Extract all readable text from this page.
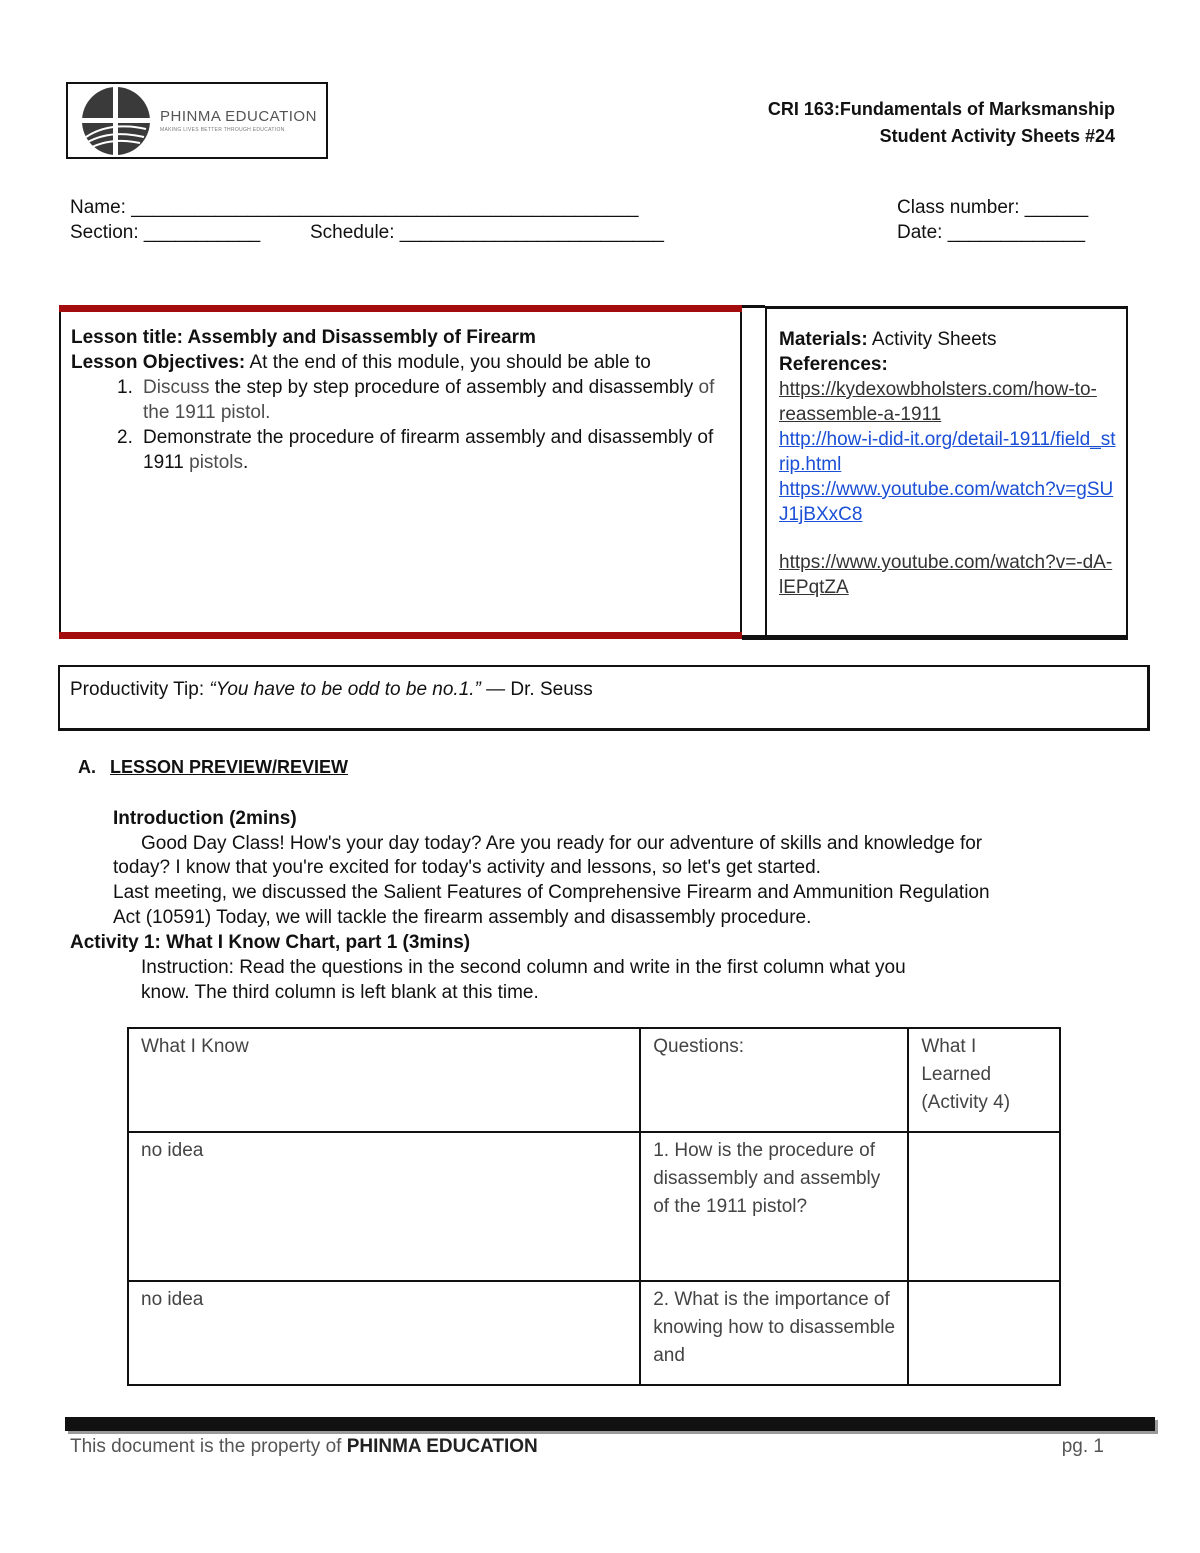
PHINMA EDUCATION
MAKING LIVES BETTER THROUGH EDUCATION
CRI 163:Fundamentals of Marksmanship
Student Activity Sheets #24
Name: ________________________________________________	Class number: ______
Section: ___________	Schedule: _________________________	Date: _____________
Lesson title: Assembly and Disassembly of Firearm
Lesson Objectives: At the end of this module, you should be able to
1. Discuss the step by step procedure of assembly and disassembly of the 1911 pistol.
2. Demonstrate the procedure of firearm assembly and disassembly of 1911 pistols.
Materials: Activity Sheets
References:
https://kydexowbholsters.com/how-to-reassemble-a-1911
http://how-i-did-it.org/detail-1911/field_strip.html
https://www.youtube.com/watch?v=gSUJ1jBXxC8
https://www.youtube.com/watch?v=-dA-lEPqtZA
Productivity Tip: “You have to be odd to be no.1.” — Dr. Seuss
A. LESSON PREVIEW/REVIEW
Introduction (2mins)
Good Day Class! How's your day today? Are you ready for our adventure of skills and knowledge for
today? I know that you're excited for today's activity and lessons, so let's get started.
Last meeting, we discussed the Salient Features of Comprehensive Firearm and Ammunition Regulation
Act (10591) Today, we will tackle the firearm assembly and disassembly procedure.
Activity 1: What I Know Chart, part 1 (3mins)
Instruction: Read the questions in the second column and write in the first column what you
know. The third column is left blank at this time.
What I Know	Questions:	What I Learned (Activity 4)
no idea	1. How is the procedure of disassembly and assembly of the 1911 pistol?	
no idea	2. What is the importance of knowing how to disassemble and	
This document is the property of PHINMA EDUCATION	pg. 1
